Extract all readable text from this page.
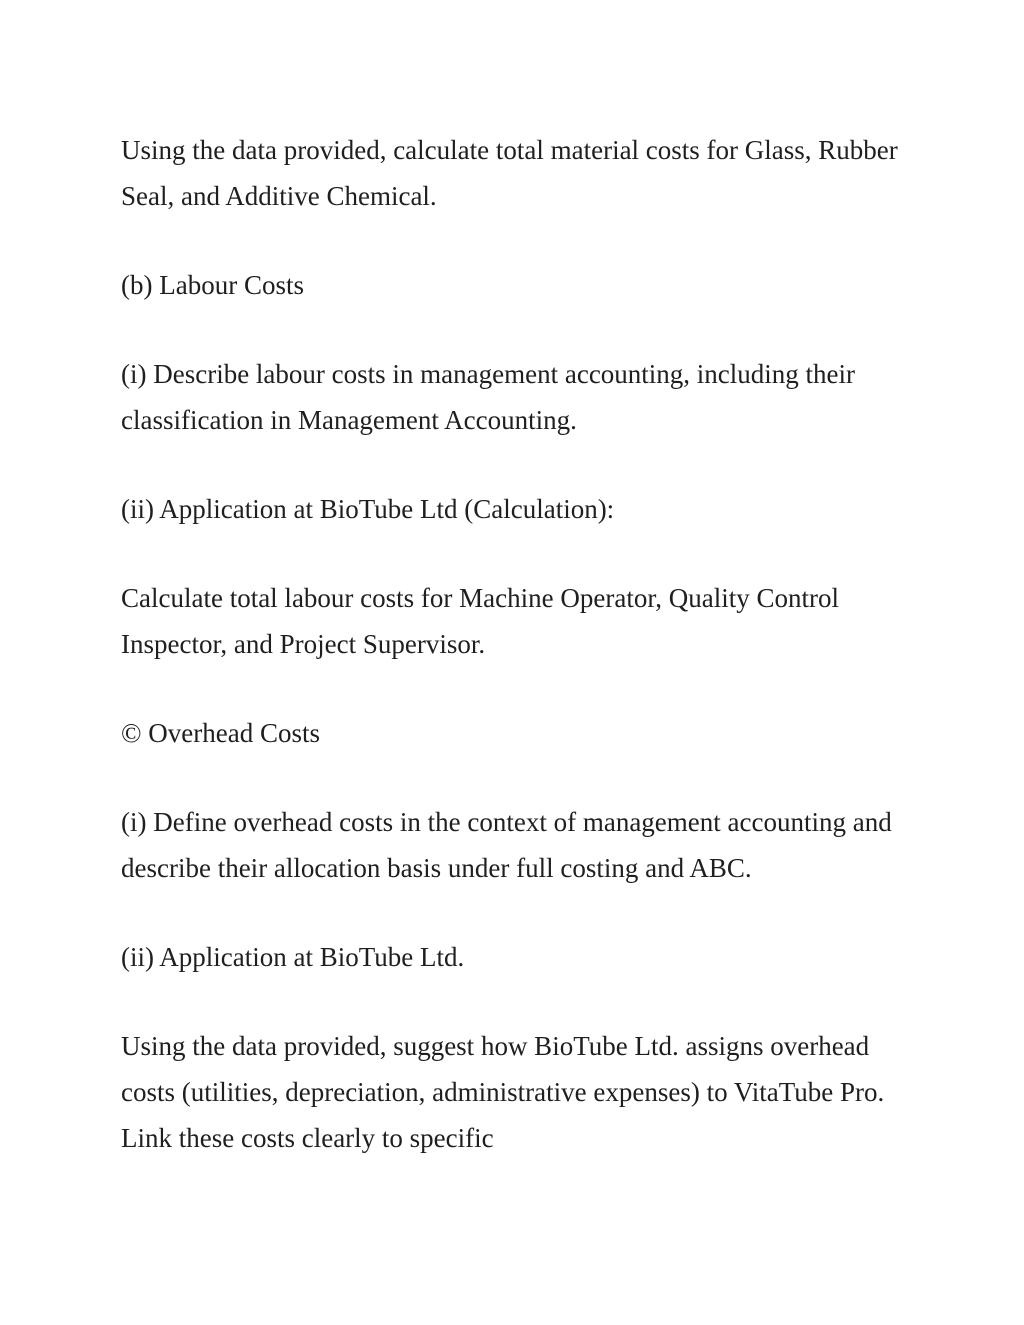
Using the data provided, calculate total material costs for Glass, Rubber Seal, and Additive Chemical.

(b) Labour Costs

(i) Describe labour costs in management accounting, including their classification in Management Accounting.

(ii) Application at BioTube Ltd (Calculation):

Calculate total labour costs for Machine Operator, Quality Control Inspector, and Project Supervisor.

© Overhead Costs

(i) Define overhead costs in the context of management accounting and describe their allocation basis under full costing and ABC.

(ii) Application at BioTube Ltd.

Using the data provided, suggest how BioTube Ltd. assigns overhead costs (utilities, depreciation, administrative expenses) to VitaTube Pro. Link these costs clearly to specific
